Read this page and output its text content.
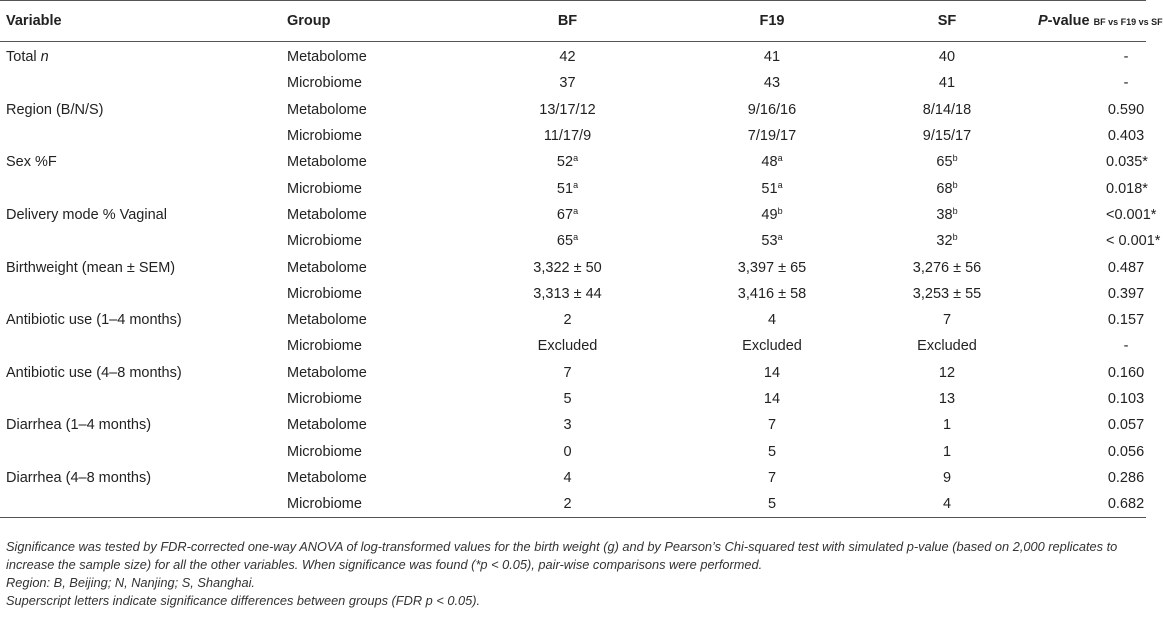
Variable	Group	BF	F19	SF	P-value BF vs F19 vs SF
Total n	Metabolome	42	41	40	-
	Microbiome	37	43	41	-
Region (B/N/S)	Metabolome	13/17/12	9/16/16	8/14/18	0.590
	Microbiome	11/17/9	7/19/17	9/15/17	0.403
Sex %F	Metabolome	52$^a$	48$^a$	65$^b$	0.035*
	Microbiome	51$^a$	51$^a$	68$^b$	0.018*
Delivery mode % Vaginal	Metabolome	67$^a$	49$^b$	$38^b$	<0.001*
	Microbiome	65$^a$	53$^a$	$32^b$	< 0.001*
Birthweight (mean ± SEM)	Metabolome	3,322 ± 50	3,397 ± 65	3,276 ± 56	0.487
	Microbiome	3,313 ± 44	3,416 ± 58	3,253 ± 55	0.397
Antibiotic use (1–4 months)	Metabolome	2	4	7	0.157
	Microbiome	Excluded	Excluded	Excluded	-
Antibiotic use (4–8 months)	Metabolome	7	14	12	0.160
	Microbiome	5	14	13	0.103
Diarrhea (1–4 months)	Metabolome	3	7	1	0.057
	Microbiome	0	5	1	0.056
Diarrhea (4–8 months)	Metabolome	4	7	9	0.286
	Microbiome	2	5	4	0.682

Significance was tested by FDR-corrected one-way ANOVA of log-transformed values for the birth weight (g) and by Pearson’s Chi-squared test with simulated p-value (based on 2,000 replicates to increase the sample size) for all the other variables. When significance was found (*p < 0.05), pair-wise comparisons were performed.

Region: B, Beijing; N, Nanjing; S, Shanghai.

Superscript letters indicate significance differences between groups (FDR p < 0.05).
